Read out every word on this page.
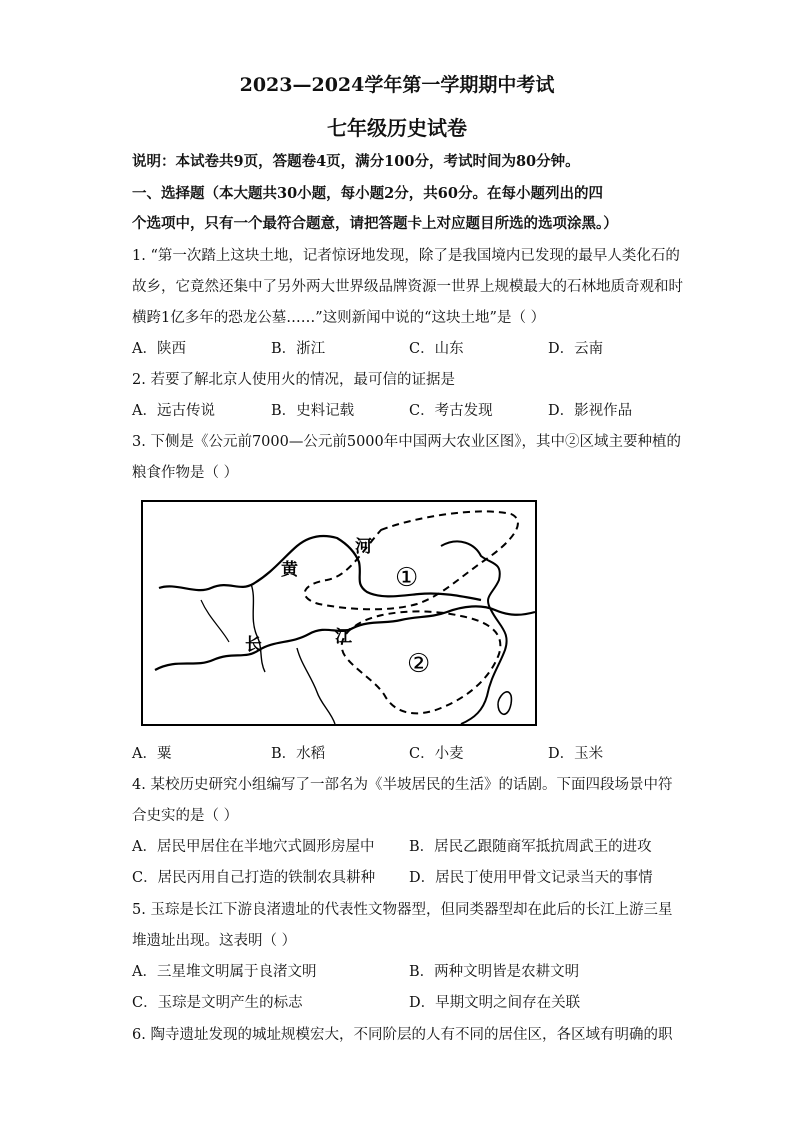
2023—2024学年第一学期期中考试
七年级历史试卷
说明：本试卷共9页，答题卷4页，满分100分，考试时间为80分钟。
一、选择题（本大题共30小题，每小题2分，共60分。在每小题列出的四
个选项中，只有一个最符合题意，请把答题卡上对应题目所选的选项涂黑。）
1. “第一次踏上这块土地，记者惊讶地发现，除了是我国境内已发现的最早人类化石的
故乡，它竟然还集中了另外两大世界级品牌资源一世界上规模最大的石林地质奇观和时
横跨1亿多年的恐龙公墓……”这则新闻中说的“这块土地”是（ ）
A．陕西	B．浙江	C．山东	D．云南
2. 若要了解北京人使用火的情况，最可信的证据是
A．远古传说	B．史料记载	C．考古发现	D．影视作品
3. 下侧是《公元前7000—公元前5000年中国两大农业区图》，其中②区域主要种植的
粮食作物是（ ）
黄
河
长	江
①
②
A．粟	B．水稻	C．小麦	D．玉米
4. 某校历史研究小组编写了一部名为《半坡居民的生活》的话剧。下面四段场景中符
合史实的是（ ）
A．居民甲居住在半地穴式圆形房屋中 B．居民乙跟随商军抵抗周武王的进攻
C．居民丙用自己打造的铁制农具耕种 D．居民丁使用甲骨文记录当天的事情
5. 玉琮是长江下游良渚遗址的代表性文物器型，但同类器型却在此后的长江上游三星
堆遗址出现。这表明（ ）
A．三星堆文明属于良渚文明	B．两种文明皆是农耕文明
C．玉琮是文明产生的标志	D．早期文明之间存在关联
6. 陶寺遗址发现的城址规模宏大，不同阶层的人有不同的居住区，各区域有明确的职
